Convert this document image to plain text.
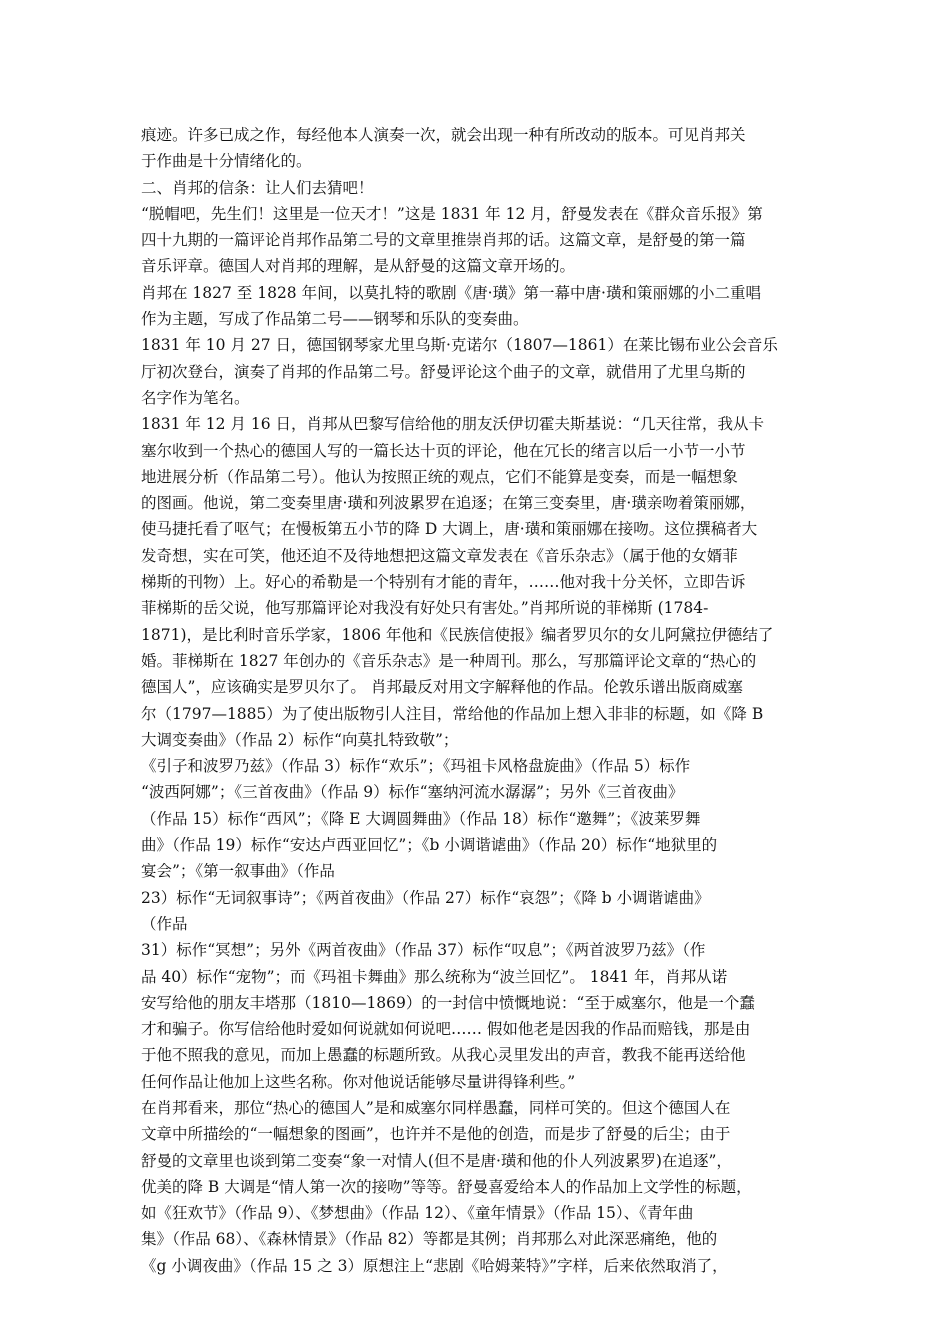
痕迹。许多已成之作，每经他本人演奏一次，就会出现一种有所改动的版本。可见肖邦关
于作曲是十分情绪化的。
二、肖邦的信条：让人们去猜吧！
“脱帽吧，先生们！这里是一位天才！”这是 1831 年 12 月，舒曼发表在《群众音乐报》第
四十九期的一篇评论肖邦作品第二号的文章里推崇肖邦的话。这篇文章，是舒曼的第一篇
音乐评章。德国人对肖邦的理解，是从舒曼的这篇文章开场的。
肖邦在 1827 至 1828 年间，以莫扎特的歌剧《唐·璜》第一幕中唐·璜和策丽娜的小二重唱
作为主题，写成了作品第二号——钢琴和乐队的变奏曲。
1831 年 10 月 27 日，德国钢琴家尤里乌斯·克诺尔（1807—1861）在莱比锡布业公会音乐
厅初次登台，演奏了肖邦的作品第二号。舒曼评论这个曲子的文章，就借用了尤里乌斯的
名字作为笔名。
1831 年 12 月 16 日，肖邦从巴黎写信给他的朋友沃伊切霍夫斯基说：“几天往常，我从卡
塞尔收到一个热心的德国人写的一篇长达十页的评论，他在冗长的绪言以后一小节一小节
地进展分析（作品第二号）。他认为按照正统的观点，它们不能算是变奏，而是一幅想象
的图画。他说，第二变奏里唐·璜和列波累罗在追逐；在第三变奏里，唐·璜亲吻着策丽娜，
使马捷托看了呕气；在慢板第五小节的降 D 大调上，唐·璜和策丽娜在接吻。这位撰稿者大
发奇想，实在可笑，他还迫不及待地想把这篇文章发表在《音乐杂志》（属于他的女婿菲
梯斯的刊物）上。好心的希勒是一个特别有才能的青年，……他对我十分关怀，立即告诉
菲梯斯的岳父说，他写那篇评论对我没有好处只有害处。”肖邦所说的菲梯斯 (1784-
1871)，是比利时音乐学家，1806 年他和《民族信使报》编者罗贝尔的女儿阿黛拉伊德结了
婚。菲梯斯在 1827 年创办的《音乐杂志》是一种周刊。那么，写那篇评论文章的“热心的
德国人”，应该确实是罗贝尔了。 肖邦最反对用文字解释他的作品。伦敦乐谱出版商威塞
尔（1797—1885）为了使出版物引人注目，常给他的作品加上想入非非的标题，如《降 B
大调变奏曲》（作品 2）标作“向莫扎特致敬”；
《引子和波罗乃兹》（作品 3）标作“欢乐”；《玛祖卡风格盘旋曲》（作品 5）标作
“波西阿娜”；《三首夜曲》（作品 9）标作“塞纳河流水潺潺”；另外《三首夜曲》
（作品 15）标作“西风”；《降 E 大调圆舞曲》（作品 18）标作“邀舞”；《波莱罗舞
曲》（作品 19）标作“安达卢西亚回忆”；《b 小调谐谑曲》（作品 20）标作“地狱里的
宴会”；《第一叙事曲》（作品
23）标作“无词叙事诗”；《两首夜曲》（作品 27）标作“哀怨”；《降 b 小调谐谑曲》
（作品
31）标作“冥想”；另外《两首夜曲》（作品 37）标作“叹息”；《两首波罗乃兹》（作
品 40）标作“宠物”；而《玛祖卡舞曲》那么统称为“波兰回忆”。 1841 年，肖邦从诺
安写给他的朋友丰塔那（1810—1869）的一封信中愤慨地说：“至于威塞尔，他是一个蠢
才和骗子。你写信给他时爱如何说就如何说吧…… 假如他老是因我的作品而赔钱，那是由
于他不照我的意见，而加上愚蠢的标题所致。从我心灵里发出的声音，教我不能再送给他
任何作品让他加上这些名称。你对他说话能够尽量讲得锋利些。”
在肖邦看来，那位“热心的德国人”是和威塞尔同样愚蠢，同样可笑的。但这个德国人在
文章中所描绘的“一幅想象的图画”，也许并不是他的创造，而是步了舒曼的后尘；由于
舒曼的文章里也谈到第二变奏“象一对情人(但不是唐·璜和他的仆人列波累罗)在追逐”，
优美的降 B 大调是“情人第一次的接吻”等等。舒曼喜爱给本人的作品加上文学性的标题，
如《狂欢节》（作品 9）、《梦想曲》（作品 12）、《童年情景》（作品 15）、《青年曲
集》（作品 68）、《森林情景》（作品 82）等都是其例；肖邦那么对此深恶痛绝，他的
《g 小调夜曲》（作品 15 之 3）原想注上“悲剧《哈姆莱特》”字样，后来依然取消了，
